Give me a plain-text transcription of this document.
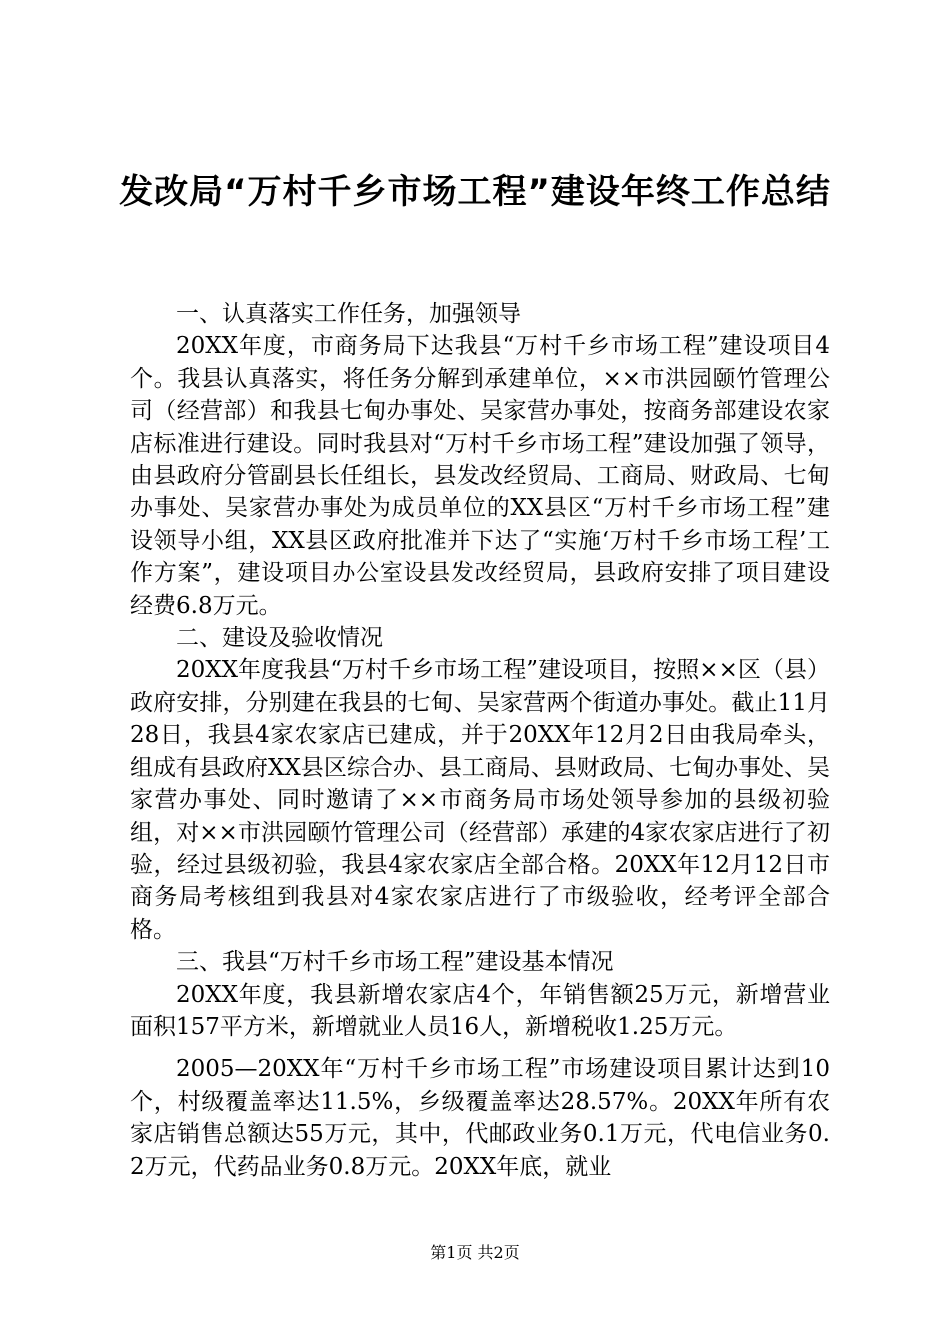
发改局“万村千乡市场工程”建设年终工作总结

一、认真落实工作任务，加强领导

20XX年度，市商务局下达我县“万村千乡市场工程”建设项目4个。我县认真落实，将任务分解到承建单位，××市洪园颐竹管理公司（经营部）和我县七甸办事处、吴家营办事处，按商务部建设农家店标准进行建设。同时我县对“万村千乡市场工程”建设加强了领导，由县政府分管副县长任组长，县发改经贸局、工商局、财政局、七甸办事处、吴家营办事处为成员单位的XX县区“万村千乡市场工程”建设领导小组，XX县区政府批准并下达了“实施‘万村千乡市场工程’工作方案”，建设项目办公室设县发改经贸局，县政府安排了项目建设经费6.8万元。

二、建设及验收情况

20XX年度我县“万村千乡市场工程”建设项目，按照××区（县）政府安排，分别建在我县的七甸、吴家营两个街道办事处。截止11月28日，我县4家农家店已建成，并于20XX年12月2日由我局牵头，组成有县政府XX县区综合办、县工商局、县财政局、七甸办事处、吴家营办事处、同时邀请了××市商务局市场处领导参加的县级初验组，对××市洪园颐竹管理公司（经营部）承建的4家农家店进行了初验，经过县级初验，我县4家农家店全部合格。20XX年12月12日市商务局考核组到我县对4家农家店进行了市级验收，经考评全部合格。

三、我县“万村千乡市场工程”建设基本情况

20XX年度，我县新增农家店4个，年销售额25万元，新增营业面积157平方米，新增就业人员16人，新增税收1.25万元。

2005—20XX年“万村千乡市场工程”市场建设项目累计达到10个，村级覆盖率达11.5%，乡级覆盖率达28.57%。20XX年所有农家店销售总额达55万元，其中，代邮政业务0.1万元，代电信业务0.2万元，代药品业务0.8万元。20XX年底，就业

第1页 共2页
